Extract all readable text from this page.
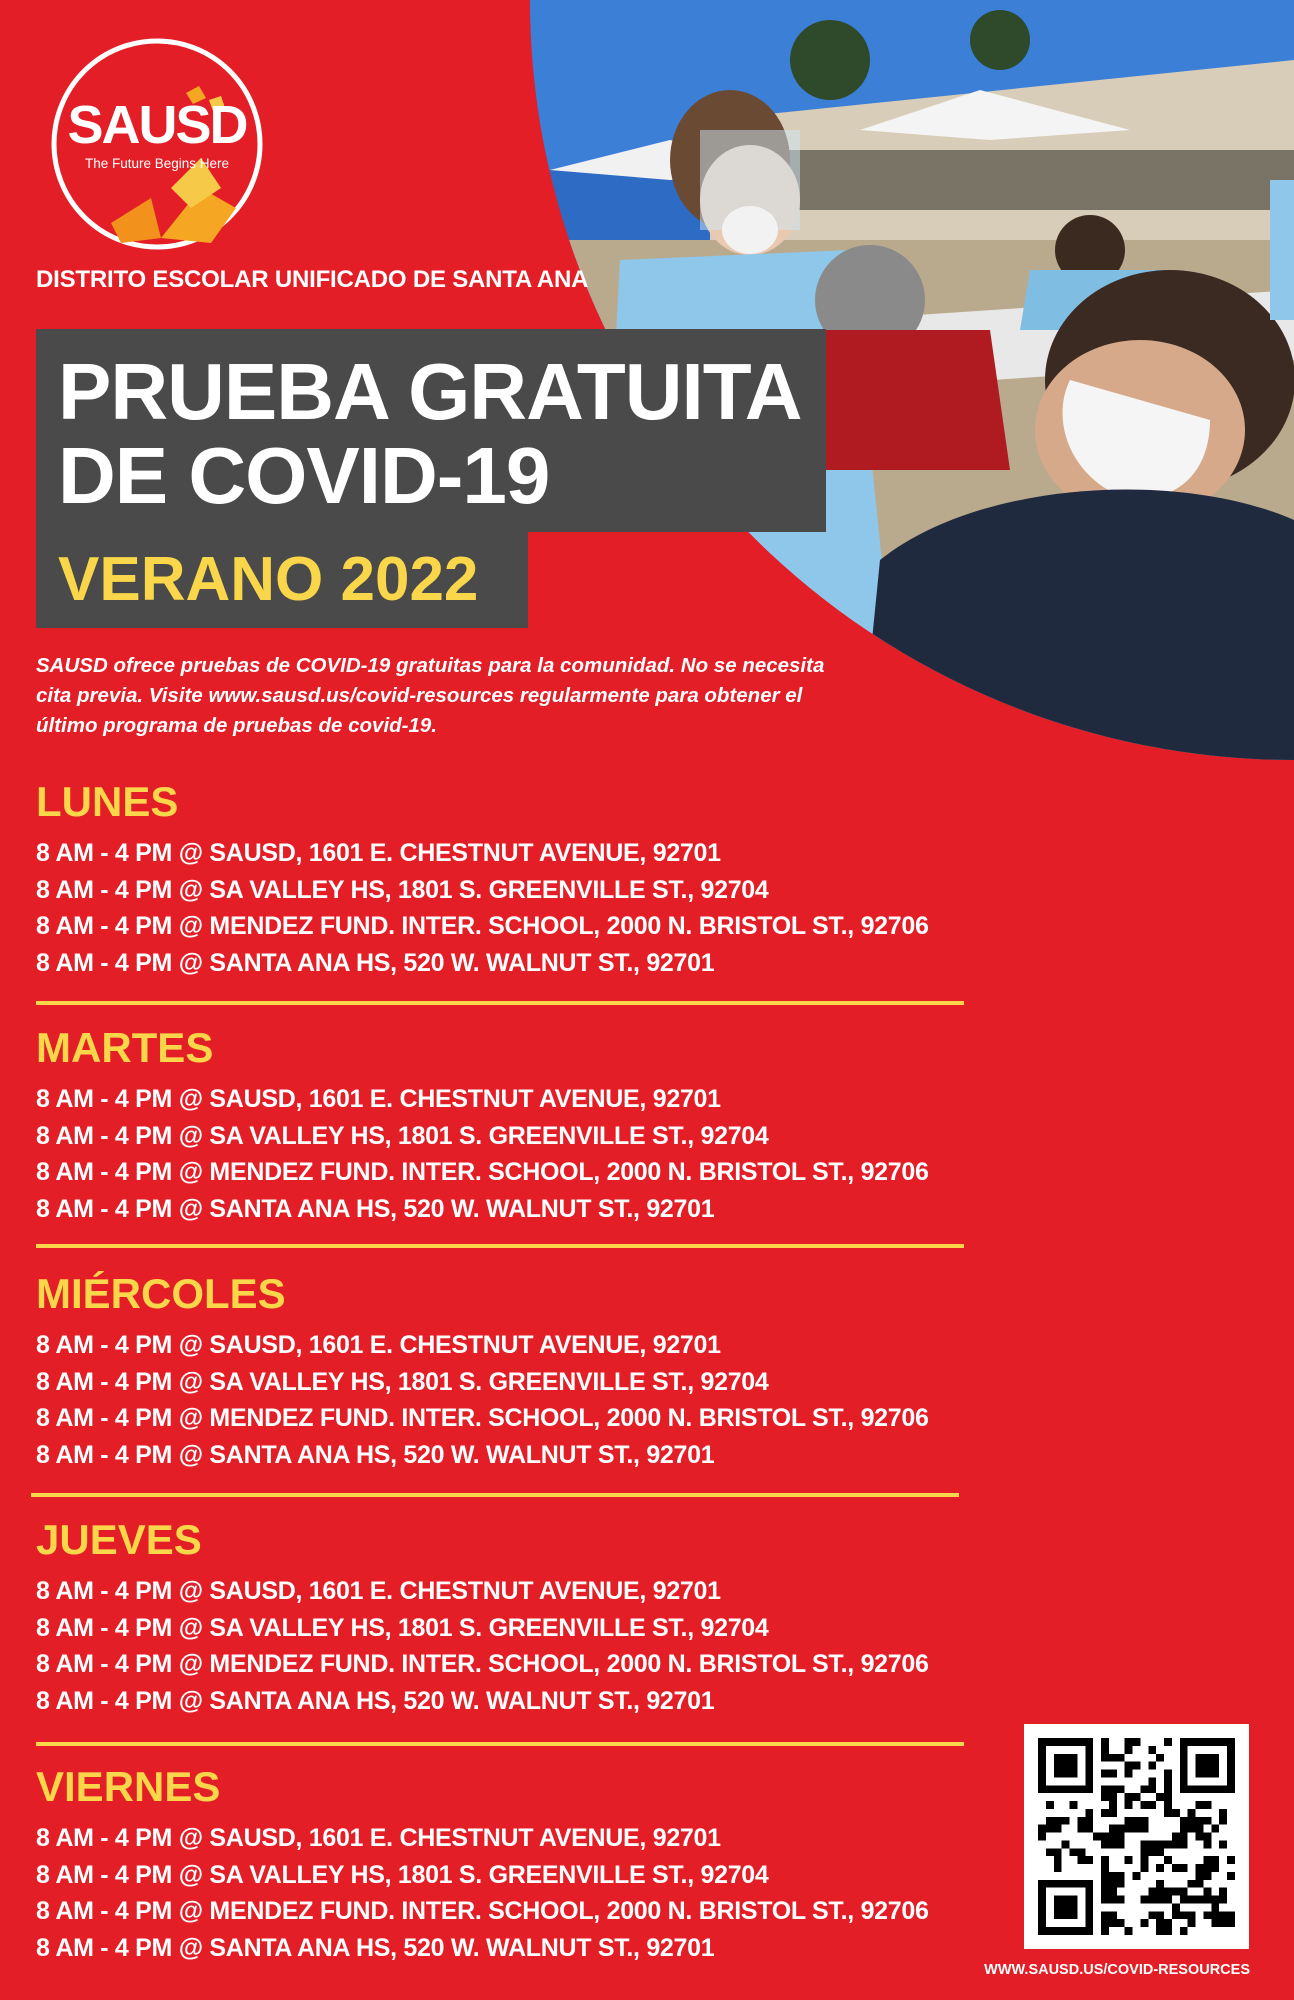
SAUSD
The Future Begins Here
DISTRITO ESCOLAR UNIFICADO DE SANTA ANA
PRUEBA GRATUITA
DE COVID-19
VERANO 2022
SAUSD ofrece pruebas de COVID-19 gratuitas para la comunidad. No se necesita
cita previa. Visite www.sausd.us/covid-resources regularmente para obtener el
último programa de pruebas de covid-19.
LUNES
8 AM - 4 PM @ SAUSD, 1601 E. CHESTNUT AVENUE, 92701
8 AM - 4 PM @ SA VALLEY HS, 1801 S. GREENVILLE ST., 92704
8 AM - 4 PM @ MENDEZ FUND. INTER. SCHOOL, 2000 N. BRISTOL ST., 92706
8 AM - 4 PM @ SANTA ANA HS, 520 W. WALNUT ST., 92701
MARTES
8 AM - 4 PM @ SAUSD, 1601 E. CHESTNUT AVENUE, 92701
8 AM - 4 PM @ SA VALLEY HS, 1801 S. GREENVILLE ST., 92704
8 AM - 4 PM @ MENDEZ FUND. INTER. SCHOOL, 2000 N. BRISTOL ST., 92706
8 AM - 4 PM @ SANTA ANA HS, 520 W. WALNUT ST., 92701
MIÉRCOLES
8 AM - 4 PM @ SAUSD, 1601 E. CHESTNUT AVENUE, 92701
8 AM - 4 PM @ SA VALLEY HS, 1801 S. GREENVILLE ST., 92704
8 AM - 4 PM @ MENDEZ FUND. INTER. SCHOOL, 2000 N. BRISTOL ST., 92706
8 AM - 4 PM @ SANTA ANA HS, 520 W. WALNUT ST., 92701
JUEVES
8 AM - 4 PM @ SAUSD, 1601 E. CHESTNUT AVENUE, 92701
8 AM - 4 PM @ SA VALLEY HS, 1801 S. GREENVILLE ST., 92704
8 AM - 4 PM @ MENDEZ FUND. INTER. SCHOOL, 2000 N. BRISTOL ST., 92706
8 AM - 4 PM @ SANTA ANA HS, 520 W. WALNUT ST., 92701
VIERNES
8 AM - 4 PM @ SAUSD, 1601 E. CHESTNUT AVENUE, 92701
8 AM - 4 PM @ SA VALLEY HS, 1801 S. GREENVILLE ST., 92704
8 AM - 4 PM @ MENDEZ FUND. INTER. SCHOOL, 2000 N. BRISTOL ST., 92706
8 AM - 4 PM @ SANTA ANA HS, 520 W. WALNUT ST., 92701
WWW.SAUSD.US/COVID-RESOURCES
